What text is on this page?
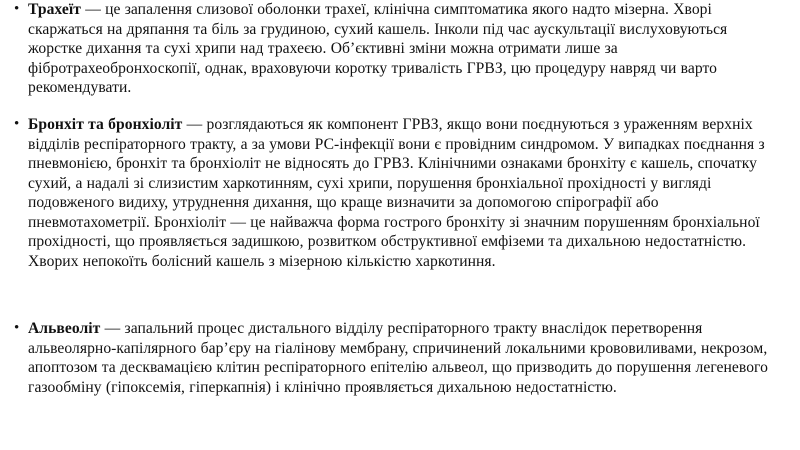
• Трахеїт — це запалення слизової оболонки трахеї, клінічна симптоматика якого надто мізерна. Хворі скаржаться на дряпання та біль за грудиною, сухий кашель. Інколи під час аускультації вислуховуються жорстке дихання та сухі хрипи над трахеєю. Об’єктивні зміни можна отримати лише за фібротрахеобронхоскопії, однак, враховуючи коротку тривалість ГРВЗ, цю процедуру навряд чи варто рекомендувати.

• Бронхіт та бронхіоліт — розглядаються як компонент ГРВЗ, якщо вони поєднуються з ураженням верхніх відділів респіраторного тракту, а за умови РС-інфекції вони є провідним синдромом. У випадках поєднання з пневмонією, бронхіт та бронхіоліт не відносять до ГРВЗ. Клінічними ознаками бронхіту є кашель, спочатку сухий, а надалі зі слизистим харкотинням, сухі хрипи, порушення бронхіальної прохідності у вигляді подовженого видиху, утруднення дихання, що краще визначити за допомогою спірографії або пневмотахометрії. Бронхіоліт — це найважча форма гострого бронхіту зі значним порушенням бронхіальної прохідності, що проявляється задишкою, розвитком обструктивної емфіземи та дихальною недостатністю. Хворих непокоїть болісний кашель з мізерною кількістю харкотиння.

• Альвеоліт — запальний процес дистального відділу респіраторного тракту внаслідок перетворення альвеолярно-капілярного бар’єру на гіалінову мембрану, спричинений локальними крововиливами, некрозом, апоптозом та десквамацією клітин респіраторного епітелію альвеол, що призводить до порушення легеневого газообміну (гіпоксемія, гіперкапнія) і клінічно проявляється дихальною недостатністю.
